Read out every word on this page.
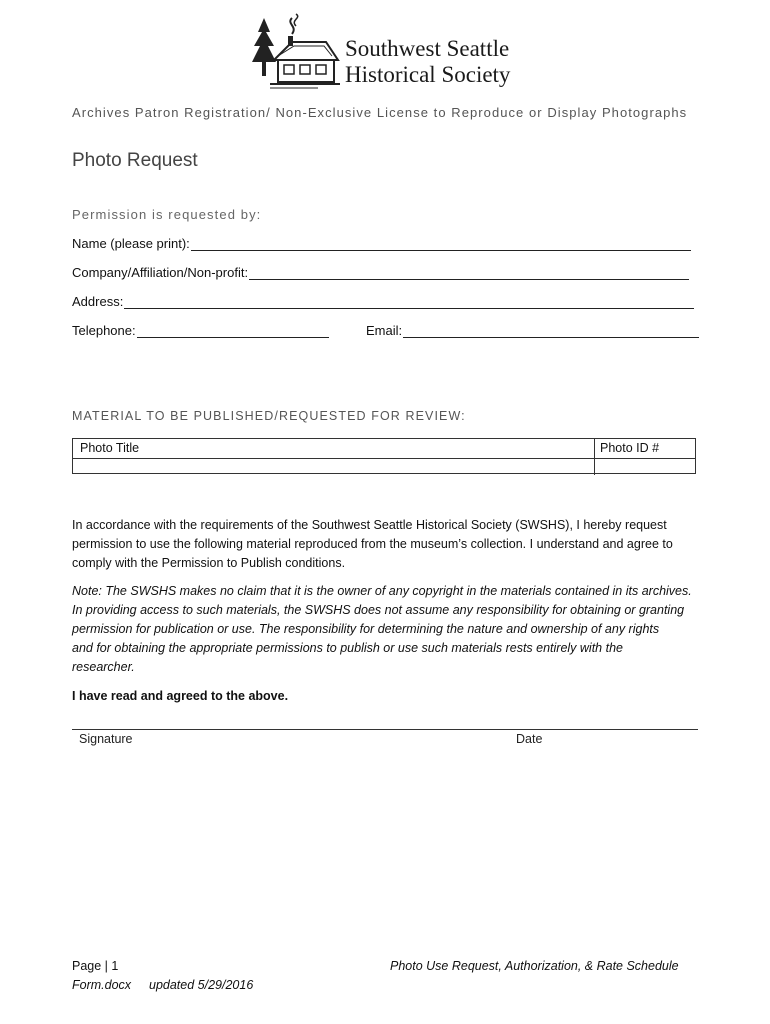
Southwest Seattle
Historical Society
Archives Patron Registration/ Non-Exclusive License to Reproduce or Display Photographs
Photo Request
Permission is requested by:
Name (please print):
Company/Affiliation/Non-profit:
Address:
Telephone:	Email:
MATERIAL TO BE PUBLISHED/REQUESTED FOR REVIEW:
Photo Title	Photo ID #
In accordance with the requirements of the Southwest Seattle Historical Society (SWSHS), I hereby request
permission to use the following material reproduced from the museum’s collection. I understand and agree to
comply with the Permission to Publish conditions.
Note: The SWSHS makes no claim that it is the owner of any copyright in the materials contained in its archives.
In providing access to such materials, the SWSHS does not assume any responsibility for obtaining or granting
permission for publication or use. The responsibility for determining the nature and ownership of any rights
and for obtaining the appropriate permissions to publish or use such materials rests entirely with the
researcher.
I have read and agreed to the above.
Signature	Date
Page | 1	Photo Use Request, Authorization, & Rate Schedule
Form.docx updated 5/29/2016
